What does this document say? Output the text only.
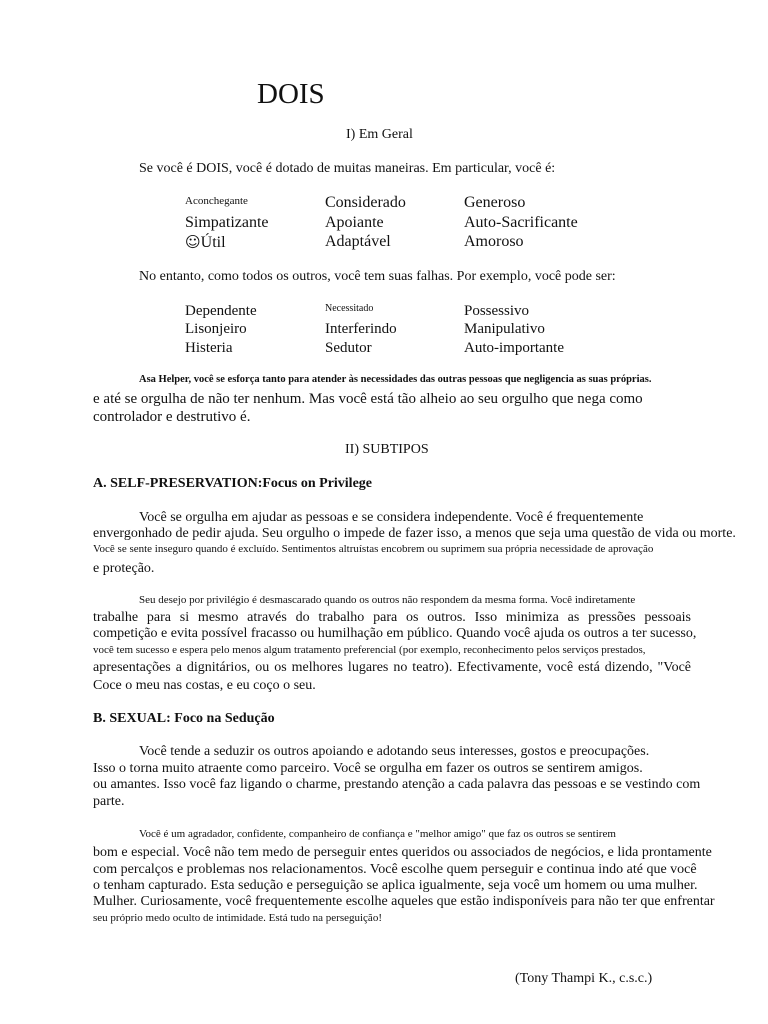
DOIS
I) Em Geral
Se você é DOIS, você é dotado de muitas maneiras. Em particular, você é:
Aconchegante	Considerado	Generoso
Simpatizante	Apoiante	Auto-Sacrificante
☺Útil	Adaptável	Amoroso
No entanto, como todos os outros, você tem suas falhas. Por exemplo, você pode ser:
Dependente	Necessitado	Possessivo
Lisonjeiro	Interferindo	Manipulativo
Histeria	Sedutor	Auto-importante
Asa Helper, você se esforça tanto para atender às necessidades das outras pessoas que negligencia as suas próprias.
e até se orgulha de não ter nenhum. Mas você está tão alheio ao seu orgulho que nega como
controlador e destrutivo é.
II) SUBTIPOS
A. SELF-PRESERVATION:Focus on Privilege
Você se orgulha em ajudar as pessoas e se considera independente. Você é frequentemente
envergonhado de pedir ajuda. Seu orgulho o impede de fazer isso, a menos que seja uma questão de vida ou morte.
Você se sente inseguro quando é excluído. Sentimentos altruístas encobrem ou suprimem sua própria necessidade de aprovação
e proteção.
Seu desejo por privilégio é desmascarado quando os outros não respondem da mesma forma. Você indiretamente
trabalhe para si mesmo através do trabalho para os outros. Isso minimiza as pressões pessoais
competição e evita possível fracasso ou humilhação em público. Quando você ajuda os outros a ter sucesso,
você tem sucesso e espera pelo menos algum tratamento preferencial (por exemplo, reconhecimento pelos serviços prestados,
apresentações a dignitários, ou os melhores lugares no teatro). Efectivamente, você está dizendo, "Você
Coce o meu nas costas, e eu coço o seu.
B. SEXUAL: Foco na Sedução
Você tende a seduzir os outros apoiando e adotando seus interesses, gostos e preocupações.
Isso o torna muito atraente como parceiro. Você se orgulha em fazer os outros se sentirem amigos.
ou amantes. Isso você faz ligando o charme, prestando atenção a cada palavra das pessoas e se vestindo com
parte.
Você é um agradador, confidente, companheiro de confiança e "melhor amigo" que faz os outros se sentirem
bom e especial. Você não tem medo de perseguir entes queridos ou associados de negócios, e lida prontamente
com percalços e problemas nos relacionamentos. Você escolhe quem perseguir e continua indo até que você
o tenham capturado. Esta sedução e perseguição se aplica igualmente, seja você um homem ou uma mulher.
Mulher. Curiosamente, você frequentemente escolhe aqueles que estão indisponíveis para não ter que enfrentar
seu próprio medo oculto de intimidade. Está tudo na perseguição!
(Tony Thampi K., c.s.c.)
